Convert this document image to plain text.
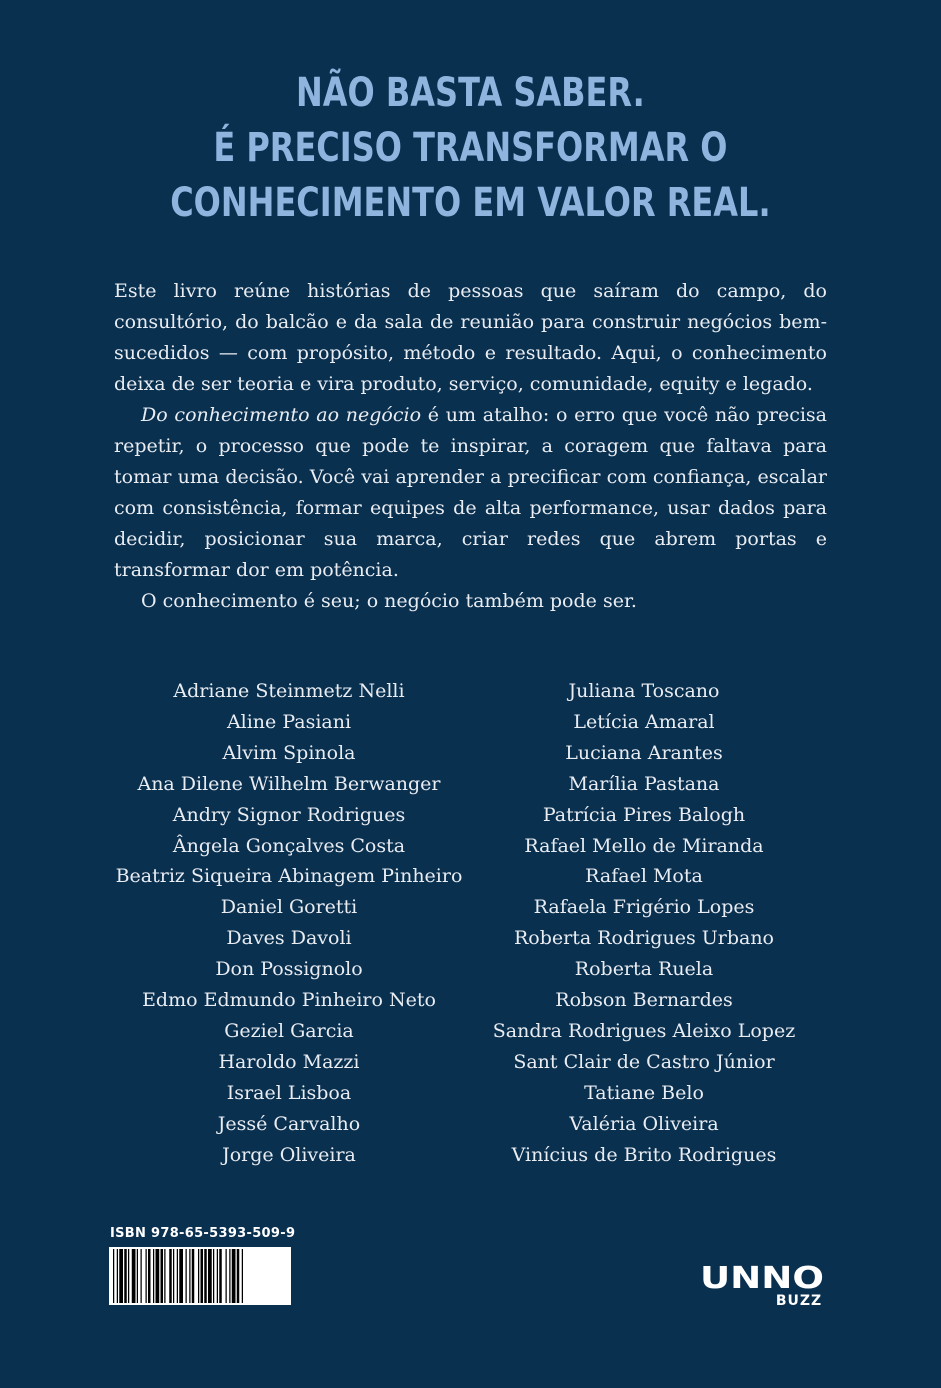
NÃO BASTA SABER.
É PRECISO TRANSFORMAR O
CONHECIMENTO EM VALOR REAL.

Este livro reúne histórias de pessoas que saíram do campo, do consultório, do balcão e da sala de reunião para construir negócios bem-sucedidos — com propósito, método e resultado. Aqui, o conhecimento deixa de ser teoria e vira produto, serviço, comunidade, equity e legado.

Do conhecimento ao negócio é um atalho: o erro que você não precisa repetir, o processo que pode te inspirar, a coragem que faltava para tomar uma decisão. Você vai aprender a precificar com confiança, escalar com consistência, formar equipes de alta performance, usar dados para decidir, posicionar sua marca, criar redes que abrem portas e transformar dor em potência.

O conhecimento é seu; o negócio também pode ser.

Adriane Steinmetz Nelli
Aline Pasiani
Alvim Spinola
Ana Dilene Wilhelm Berwanger
Andry Signor Rodrigues
Ângela Gonçalves Costa
Beatriz Siqueira Abinagem Pinheiro
Daniel Goretti
Daves Davoli
Don Possignolo
Edmo Edmundo Pinheiro Neto
Geziel Garcia
Haroldo Mazzi
Israel Lisboa
Jessé Carvalho
Jorge Oliveira
Juliana Toscano
Letícia Amaral
Luciana Arantes
Marília Pastana
Patrícia Pires Balogh
Rafael Mello de Miranda
Rafael Mota
Rafaela Frigério Lopes
Roberta Rodrigues Urbano
Roberta Ruela
Robson Bernardes
Sandra Rodrigues Aleixo Lopez
Sant Clair de Castro Júnior
Tatiane Belo
Valéria Oliveira
Vinícius de Brito Rodrigues
ISBN 978-65-5393-509-9
UNNO
BUZZ
